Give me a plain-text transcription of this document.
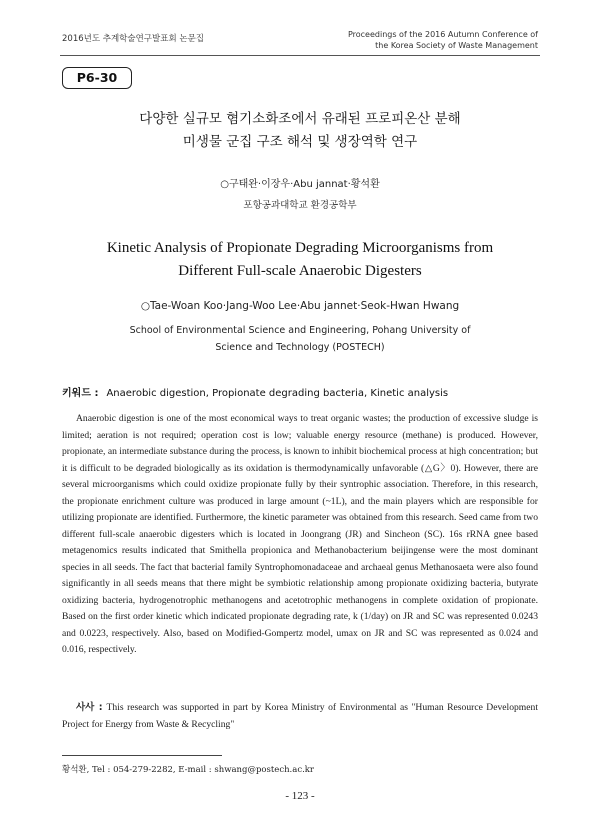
2016년도 추계학술연구발표회 논문집	Proceedings of the 2016 Autumn Conference of
the Korea Society of Waste Management
P6-30
다양한 실규모 혐기소화조에서 유래된 프로피온산 분해
미생물 군집 구조 해석 및 생장역학 연구
○구태완·이장우·Abu jannat·황석환
포항공과대학교 환경공학부
Kinetic Analysis of Propionate Degrading Microorganisms from
Different Full-scale Anaerobic Digesters
○Tae-Woan Koo·Jang-Woo Lee·Abu jannet·Seok-Hwan Hwang
School of Environmental Science and Engineering, Pohang University of
Science and Technology (POSTECH)
키워드 : Anaerobic digestion, Propionate degrading bacteria, Kinetic analysis
Anaerobic digestion is one of the most economical ways to treat organic wastes; the production of excessive sludge is limited; aeration is not required; operation cost is low; valuable energy resource (methane) is produced. However, propionate, an intermediate substance during the process, is known to inhibit biochemical process at high concentration; but it is difficult to be degraded biologically as its oxidation is thermodynamically unfavorable (△G〉0). However, there are several microorganisms which could oxidize propionate fully by their syntrophic association. Therefore, in this research, the propionate enrichment culture was produced in large amount (~1L), and the main players which are responsible for utilizing propionate are identified. Furthermore, the kinetic parameter was obtained from this research. Seed came from two different full-scale anaerobic digesters which is located in Joongrang (JR) and Sincheon (SC). 16s rRNA gnee based metagenomics results indicated that Smithella propionica and Methanobacterium beijingense were the most dominant species in all seeds. The fact that bacterial family Syntrophomonadaceae and archaeal genus Methanosaeta were also found significantly in all seeds means that there might be symbiotic relationship among propionate oxidizing bacteria, butyrate oxidizing bacteria, hydrogenotrophic methanogens and acetotrophic methanogens in complete oxidation of propionate. Based on the first order kinetic which indicated propionate degrading rate, k (1/day) on JR and SC was represented 0.0243 and 0.0223, respectively. Also, based on Modified-Gompertz model, umax on JR and SC was represented as 0.024 and 0.016, respectively.
사사 : This research was supported in part by Korea Ministry of Environmental as "Human Resource Development Project for Energy from Waste & Recycling"
황석환, Tel : 054-279-2282, E-mail : shwang@postech.ac.kr
- 123 -
